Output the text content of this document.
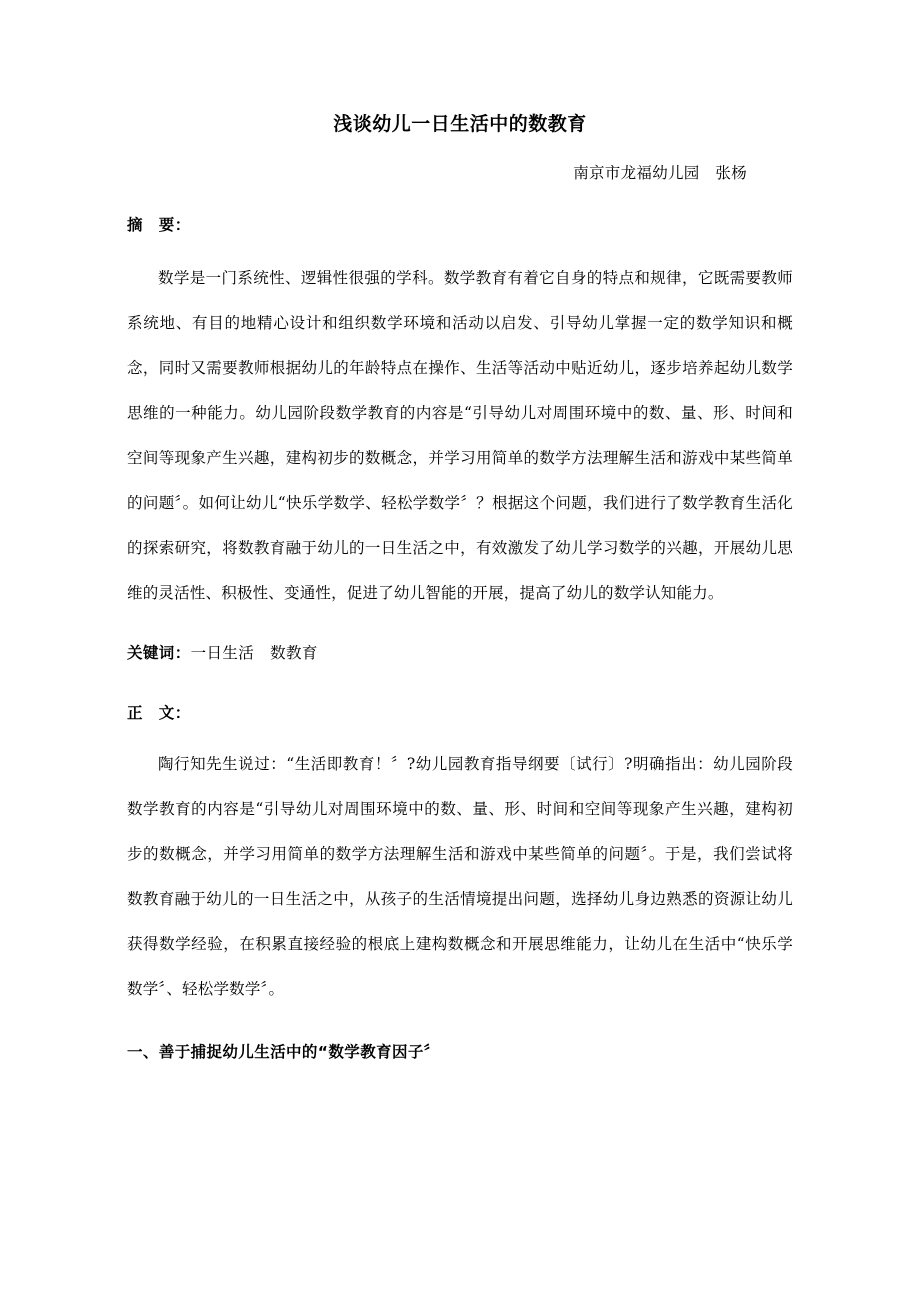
浅谈幼儿一日生活中的数教育

南京市龙福幼儿园　张杨

摘　要：

数学是一门系统性、逻辑性很强的学科。数学教育有着它自身的特点和规律，它既需要教师系统地、有目的地精心设计和组织数学环境和活动以启发、引导幼儿掌握一定的数学知识和概念，同时又需要教师根据幼儿的年龄特点在操作、生活等活动中贴近幼儿，逐步培养起幼儿数学思维的一种能力。幼儿园阶段数学教育的内容是“引导幼儿对周围环境中的数、量、形、时间和空间等现象产生兴趣，建构初步的数概念，并学习用简单的数学方法理解生活和游戏中某些简单的问题〞。如何让幼儿“快乐学数学、轻松学数学〞？根据这个问题，我们进行了数学教育生活化的探索研究，将数教育融于幼儿的一日生活之中，有效激发了幼儿学习数学的兴趣，开展幼儿思维的灵活性、积极性、变通性，促进了幼儿智能的开展，提高了幼儿的数学认知能力。

关键词：一日生活　数教育

正　文：

陶行知先生说过：“生活即教育！〞?幼儿园教育指导纲要〔试行〕?明确指出：幼儿园阶段数学教育的内容是“引导幼儿对周围环境中的数、量、形、时间和空间等现象产生兴趣，建构初步的数概念，并学习用简单的数学方法理解生活和游戏中某些简单的问题〞。于是，我们尝试将数教育融于幼儿的一日生活之中，从孩子的生活情境提出问题，选择幼儿身边熟悉的资源让幼儿获得数学经验，在积累直接经验的根底上建构数概念和开展思维能力，让幼儿在生活中“快乐学数学〞、轻松学数学〞。

一、善于捕捉幼儿生活中的“数学教育因子〞
